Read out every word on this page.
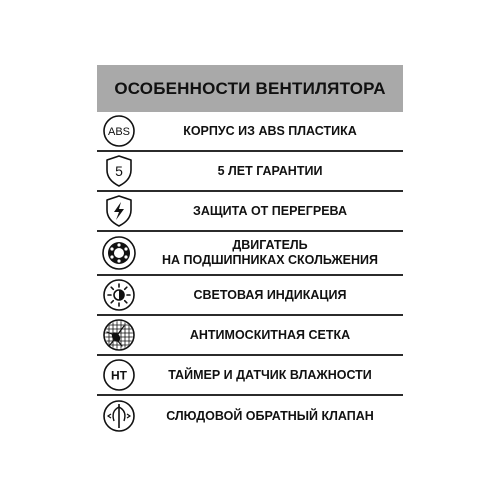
ОСОБЕННОСТИ ВЕНТИЛЯТОРА
ABS	КОРПУС ИЗ ABS ПЛАСТИКА
5	5 ЛЕТ ГАРАНТИИ
ЗАЩИТА ОТ ПЕРЕГРЕВА
ДВИГАТЕЛЬ
НА ПОДШИПНИКАХ СКОЛЬЖЕНИЯ
СВЕТОВАЯ ИНДИКАЦИЯ
АНТИМОСКИТНАЯ СЕТКА
HT	ТАЙМЕР И ДАТЧИК ВЛАЖНОСТИ
СЛЮДОВОЙ ОБРАТНЫЙ КЛАПАН
